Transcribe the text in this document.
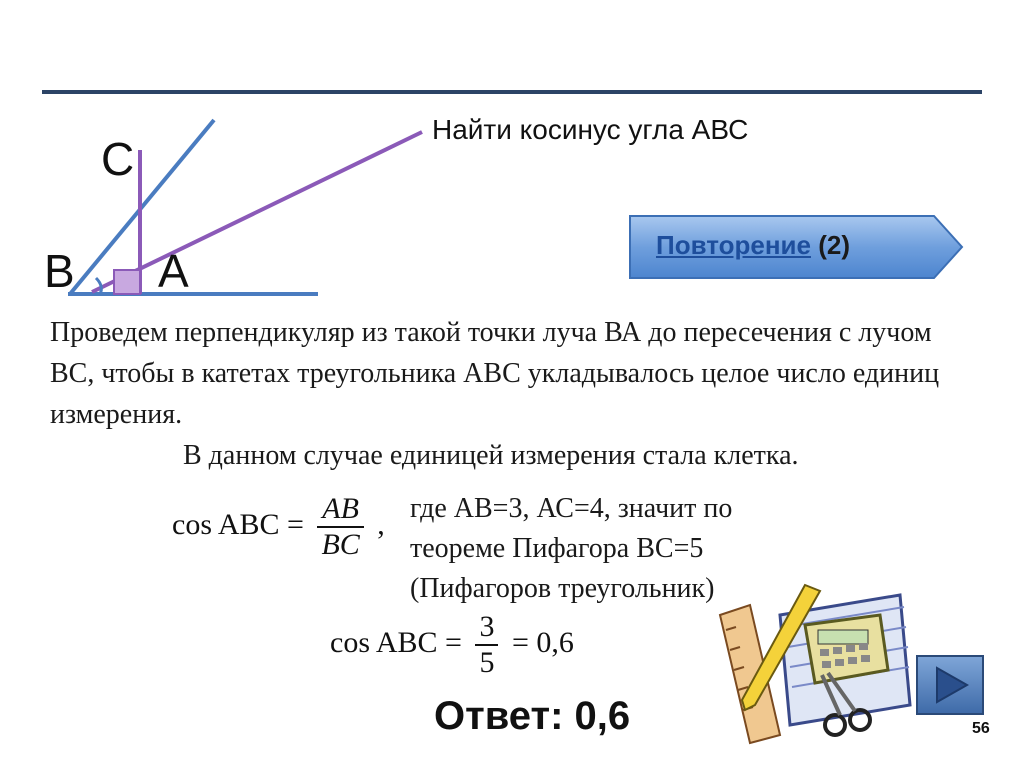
Найти косинус угла АВС
С
В А	Повторение (2)
Проведем перпендикуляр из такой точки луча ВА до пересечения с лучом ВС, чтобы в катетах треугольника АВС укладывалось целое число единиц измерения.
В данном случае единицей измерения стала клетка.
cos ABC = $\frac{AB}{BC}$ , где АВ=3, АС=4, значит по
теореме Пифагора ВС=5
(Пифагоров треугольник)
cos ABC = $\frac{3}{5} = 0,6$
Ответ: 0,6	56
